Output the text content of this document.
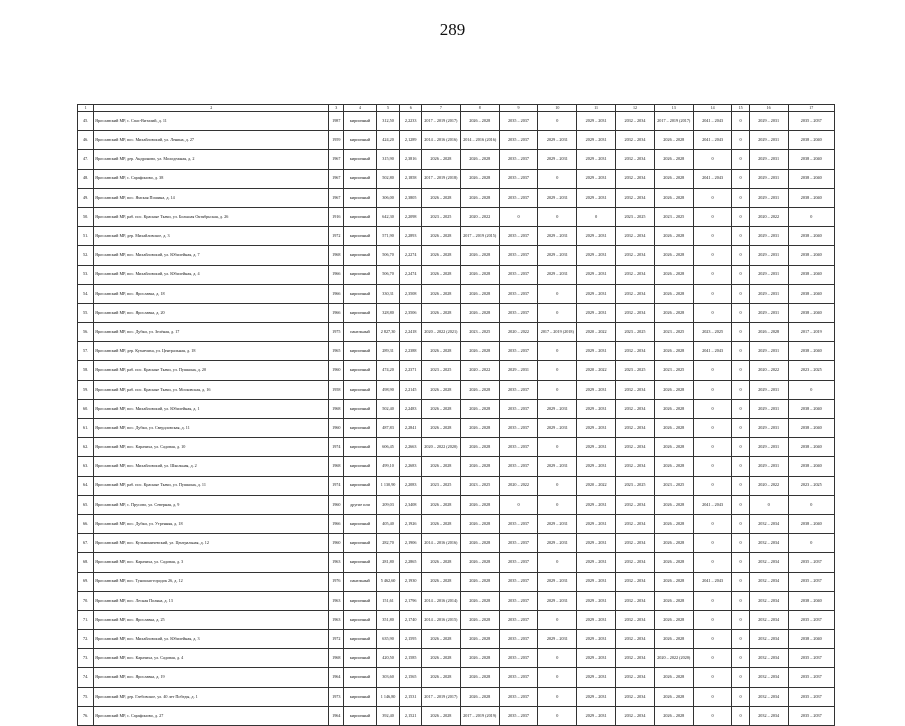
289
1	2	3	4	5	6	7	8	9	10	11	12	13	14	15	16	17
45.	Ярославский МР, с. Спас-Виталий, д. 11	1987	кирпичный	312,50	2,2233	2017 – 2019 (2017)	2026 – 2028	2035 – 2037	0	2029 – 2031	2032 – 2034	2017 – 2019 (2017)	2041 – 2043	0	2029 – 2031	2035 – 2037
46.	Ярославский МР, пос. Михайловский, ул. Ленина, д. 27	1959	кирпичный	424,20	2,1289	2014 – 2016 (2016)	2014 – 2016 (2016)	2035 – 2037	2029 – 2031	2029 – 2031	2032 – 2034	2026 – 2028	2041 – 2043	0	2029 – 2031	2038 – 2040
47.	Ярославский МР, дер. Андроново, ул. Молодежная, д. 2	1967	кирпичный	315,90	2,3816	2026 – 2028	2026 – 2028	2035 – 2037	2029 – 2031	2029 – 2031	2032 – 2034	2026 – 2028	0	0	2029 – 2031	2038 – 2040
48.	Ярославский МР, с. Сарафоново, д. 38	1967	кирпичный	502,80	2,1858	2017 – 2019 (2018)	2026 – 2028	2035 – 2037	0	2029 – 2031	2032 – 2034	2026 – 2028	2041 – 2043	0	2029 – 2031	2038 – 2040
49.	Ярославский МР, пос. Ямская Пошина, д. 14	1967	кирпичный	306,00	2,3805	2026 – 2028	2026 – 2028	2035 – 2037	2029 – 2031	2029 – 2031	2032 – 2034	2026 – 2028	0	0	2029 – 2031	2038 – 2040
50.	Ярославский МР, раб. пос. Красные Ткачи, ул. Большая Октябрьская, д. 26	1916	кирпичный	642,30	2,2098	2023 – 2025	2020 – 2022	0	0	0	2023 – 2025	2023 – 2025	0	0	2020 – 2022	0
51.	Ярославский МР, дер. Михайловское, д. 3	1972	кирпичный	571,90	2,2893	2026 – 2028	2017 – 2019 (2015)	2035 – 2037	2029 – 2031	2029 – 2031	2032 – 2034	2026 – 2028	0	0	2029 – 2031	2038 – 2040
52.	Ярославский МР, пос. Михайловский, ул. Юбилейная, д. 7	1968	кирпичный	506,70	2,2274	2026 – 2028	2026 – 2028	2035 – 2037	2029 – 2031	2029 – 2031	2032 – 2034	2026 – 2028	0	0	2029 – 2031	2038 – 2040
53.	Ярославский МР, пос. Михайловский, ул. Юбилейная, д. 4	1966	кирпичный	506,70	2,2474	2026 – 2028	2026 – 2028	2035 – 2037	2029 – 2031	2029 – 2031	2032 – 2034	2026 – 2028	0	0	2029 – 2031	2038 – 2040
54.	Ярославский МР, пос. Ярославка, д. 18	1966	кирпичный	330,31	2,3508	2026 – 2028	2026 – 2028	2035 – 2037	0	2029 – 2031	2032 – 2034	2026 – 2028	0	0	2029 – 2031	2038 – 2040
55.	Ярославский МР, пос. Ярославка, д. 20	1966	кирпичный	328,80	2,3506	2026 – 2028	2026 – 2028	2035 – 2037	0	2029 – 2031	2032 – 2034	2026 – 2028	0	0	2029 – 2031	2038 – 2040
56.	Ярославский МР, пос. Дубки, ул. Зелёная, д. 17	1975	панельный	2 827,30	2,2418	2020 – 2022 (2021)	2023 – 2025	2020 – 2022	2017 – 2019 (2018)	2020 – 2022	2023 – 2025	2023 – 2025	2023 – 2025	0	2026 – 2028	2017 – 2019
57.	Ярославский МР, дер. Кузнечиха, ул. Центральная, д. 18	1965	кирпичный	289,31	2,2388	2026 – 2028	2026 – 2028	2035 – 2037	0	2029 – 2031	2032 – 2034	2026 – 2028	2041 – 2043	0	2029 – 2031	2038 – 2040
58.	Ярославский МР, раб. пос. Красные Ткачи, ул. Пушкина, д. 20	1960	кирпичный	474,20	2,2371	2023 – 2025	2020 – 2022	2029 – 2031	0	2020 – 2022	2023 – 2025	2023 – 2025	0	0	2020 – 2022	2023 – 2025
59.	Ярославский МР, раб. пос. Красные Ткачи, ул. Московская, д. 16	1958	кирпичный	498,90	2,2145	2026 – 2028	2026 – 2028	2035 – 2037	0	2029 – 2031	2032 – 2034	2026 – 2028	0	0	2029 – 2031	0
60.	Ярославский МР, пос. Михайловский, ул. Юбилейная, д. 1	1968	кирпичный	502,40	2,2483	2026 – 2028	2026 – 2028	2035 – 2037	2029 – 2031	2029 – 2031	2032 – 2034	2026 – 2028	0	0	2029 – 2031	2038 – 2040
61.	Ярославский МР, пос. Дубки, ул. Свердловская, д. 11	1960	кирпичный	487,83	2,2841	2026 – 2028	2026 – 2028	2035 – 2037	2029 – 2031	2029 – 2031	2032 – 2034	2026 – 2028	0	0	2029 – 2031	2038 – 2040
62.	Ярославский МР, пос. Карачиха, ул. Садовая, д. 10	1974	кирпичный	606,45	2,2663	2020 – 2022 (2020)	2026 – 2028	2035 – 2037	0	2029 – 2031	2032 – 2034	2026 – 2028	0	0	2029 – 2031	2038 – 2040
63.	Ярославский МР, пос. Михайловский, ул. Школьная, д. 2	1968	кирпичный	499,10	2,2683	2026 – 2028	2026 – 2028	2035 – 2037	2029 – 2031	2029 – 2031	2032 – 2034	2026 – 2028	0	0	2029 – 2031	2038 – 2040
64.	Ярославский МР, раб. пос. Красные Ткачи, ул. Пушкина, д. 11	1974	кирпичный	1 130,90	2,2083	2023 – 2025	2023 – 2025	2020 – 2022	0	2020 – 2022	2023 – 2025	2023 – 2025	0	0	2020 – 2022	2023 – 2025
65.	Ярославский МР, с. Прусово, ул. Северная, д. 9	1960	другие или	209,03	2,3408	2026 – 2028	2026 – 2028	0	0	2029 – 2031	2032 – 2034	2026 – 2028	2041 – 2043	0	0	0
66.	Ярославский МР, пос. Дубки, ул. Утренняя, д. 18	1966	кирпичный	405,40	2,1926	2026 – 2028	2026 – 2028	2035 – 2037	2029 – 2031	2029 – 2031	2032 – 2034	2026 – 2028	0	0	2032 – 2034	2038 – 2040
67.	Ярославский МР, пос. Кузьминичевский, ул. Центральная, д. 12	1960	кирпичный	282,70	2,1906	2014 – 2016 (2016)	2026 – 2028	2035 – 2037	2029 – 2031	2029 – 2031	2032 – 2034	2026 – 2028	0	0	2032 – 2034	0
68.	Ярославский МР, пос. Карачиха, ул. Садовая, д. 3	1963	кирпичный	281,80	2,2865	2026 – 2028	2026 – 2028	2035 – 2037	0	2029 – 2031	2032 – 2034	2026 – 2028	0	0	2032 – 2034	2035 – 2037
69.	Ярославский МР, пос. Туношна-городок 26, д. 12	1976	панельный	5 462,60	2,1930	2026 – 2028	2026 – 2028	2035 – 2037	2029 – 2031	2029 – 2031	2032 – 2034	2026 – 2028	2041 – 2043	0	2032 – 2034	2035 – 2037
70.	Ярославский МР, пос. Лесная Поляна, д. 13	1963	кирпичный	151,61	2,1796	2014 – 2016 (2014)	2026 – 2028	2035 – 2037	2029 – 2031	2029 – 2031	2032 – 2034	2026 – 2028	0	0	2032 – 2034	2038 – 2040
71.	Ярославский МР, пос. Ярославка, д. 25	1963	кирпичный	351,80	2,1740	2014 – 2016 (2015)	2026 – 2028	2035 – 2037	0	2029 – 2031	2032 – 2034	2026 – 2028	0	0	2032 – 2034	2035 – 2037
72.	Ярославский МР, пос. Михайловский, ул. Юбилейная, д. 3	1972	кирпичный	635,90	2,1595	2026 – 2028	2026 – 2028	2035 – 2037	2029 – 2031	2029 – 2031	2032 – 2034	2026 – 2028	0	0	2032 – 2034	2038 – 2040
73.	Ярославский МР, пос. Карачиха, ул. Садовая, д. 4	1968	кирпичный	420,50	2,1585	2026 – 2028	2026 – 2028	2035 – 2037	0	2029 – 2031	2032 – 2034	2020 – 2022 (2020)	0	0	2032 – 2034	2035 – 2037
74.	Ярославский МР, пос. Ярославка, д. 19	1964	кирпичный	303,60	2,1565	2026 – 2028	2026 – 2028	2035 – 2037	0	2029 – 2031	2032 – 2034	2026 – 2028	0	0	2032 – 2034	2035 – 2037
75.	Ярославский МР, дер. Глебовское, ул. 40 лет Победы, д. 1	1973	кирпичный	1 146,80	2,1531	2017 – 2019 (2017)	2026 – 2028	2035 – 2037	0	2029 – 2031	2032 – 2034	2026 – 2028	0	0	2032 – 2034	2035 – 2037
76.	Ярославский МР, с. Сарафоново, д. 27	1964	кирпичный	392,40	2,1521	2026 – 2028	2017 – 2019 (2019)	2035 – 2037	0	2029 – 2031	2032 – 2034	2026 – 2028	0	0	2032 – 2034	2035 – 2037
